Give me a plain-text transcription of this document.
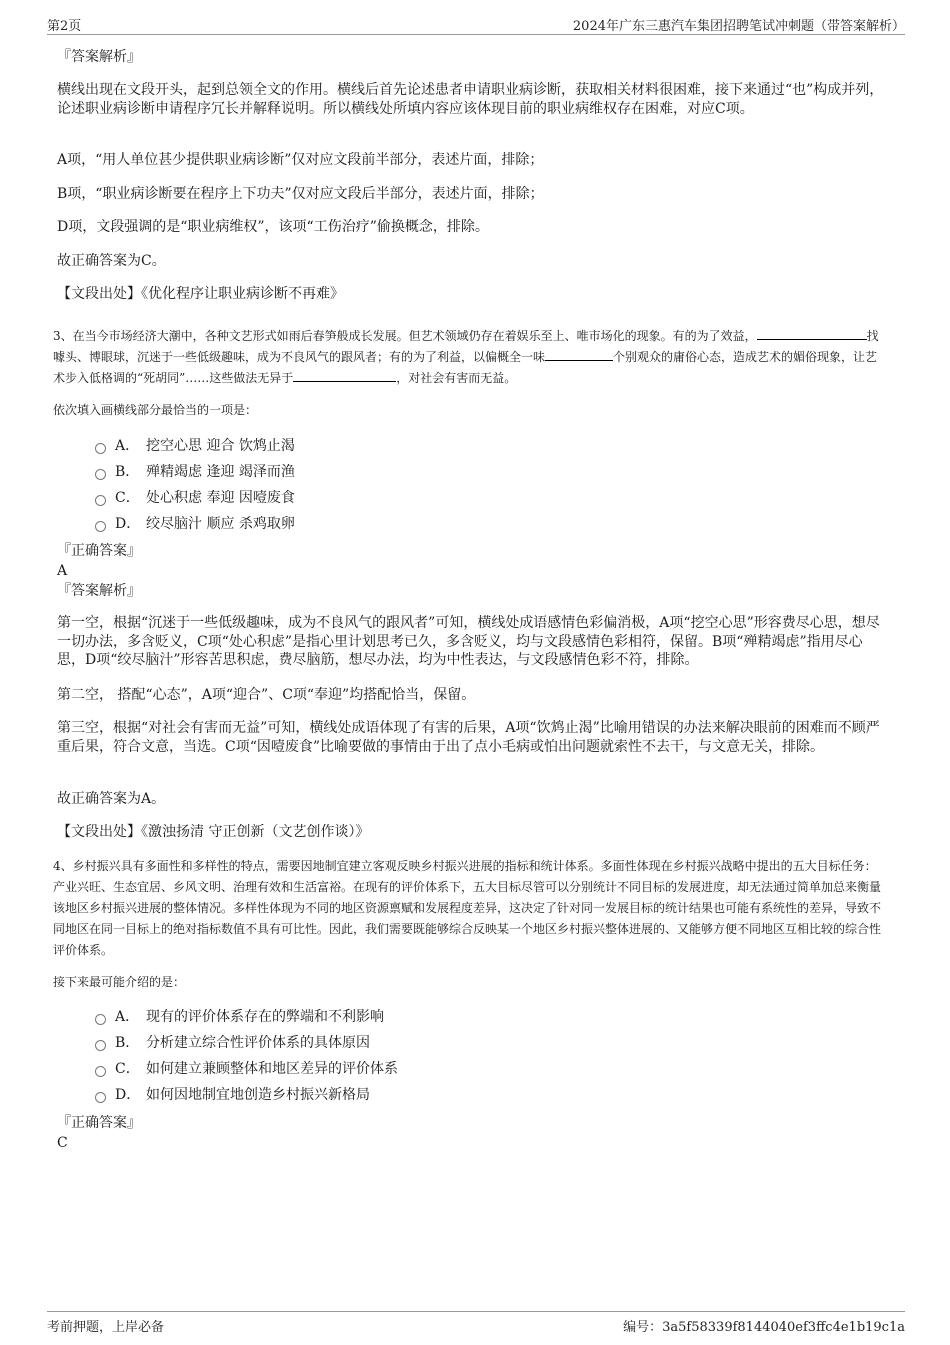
第2页	2024年广东三惠汽车集团招聘笔试冲刺题（带答案解析）

『答案解析』

横线出现在文段开头，起到总领全文的作用。横线后首先论述患者申请职业病诊断，获取相关材料很困难，接下来通过“也”构成并列，论述职业病诊断申请程序冗长并解释说明。所以横线处所填内容应该体现目前的职业病维权存在困难，对应C项。

A项，“用人单位甚少提供职业病诊断”仅对应文段前半部分，表述片面，排除；

B项，“职业病诊断要在程序上下功夫”仅对应文段后半部分，表述片面，排除；

D项，文段强调的是“职业病维权”，该项“工伤治疗”偷换概念，排除。

故正确答案为C。

【文段出处】《优化程序让职业病诊断不再难》

3、在当今市场经济大潮中，各种文艺形式如雨后春笋般成长发展。但艺术领域仍存在着娱乐至上、唯市场化的现象。有的为了效益，	找噱头、博眼球，沉迷于一些低级趣味，成为不良风气的跟风者；有的为了利益，以偏概全一味	个别观众的庸俗心态，造成艺术的媚俗现象，让艺术步入低格调的“死胡同”……这些做法无异于	，对社会有害而无益。

依次填入画横线部分最恰当的一项是：

A． 挖空心思 迎合 饮鸩止渴
B． 殚精竭虑 逢迎 竭泽而渔
C． 处心积虑 奉迎 因噎废食
D． 绞尽脑汁 顺应 杀鸡取卵

『正确答案』

A

『答案解析』

第一空，根据“沉迷于一些低级趣味，成为不良风气的跟风者”可知，横线处成语感情色彩偏消极，A项“挖空心思”形容费尽心思，想尽一切办法，多含贬义，C项“处心积虑”是指心里计划思考已久，多含贬义，均与文段感情色彩相符，保留。B项“殚精竭虑”指用尽心思，D项“绞尽脑汁”形容苦思积虑，费尽脑筋，想尽办法，均为中性表达，与文段感情色彩不符，排除。

第二空， 搭配“心态”，A项“迎合”、C项“奉迎”均搭配恰当，保留。

第三空，根据“对社会有害而无益”可知，横线处成语体现了有害的后果，A项“饮鸩止渴”比喻用错误的办法来解决眼前的困难而不顾严重后果，符合文意，当选。C项“因噎废食”比喻要做的事情由于出了点小毛病或怕出问题就索性不去干，与文意无关，排除。

故正确答案为A。

【文段出处】《激浊扬清 守正创新（文艺创作谈）》

4、乡村振兴具有多面性和多样性的特点，需要因地制宜建立客观反映乡村振兴进展的指标和统计体系。多面性体现在乡村振兴战略中提出的五大目标任务：产业兴旺、生态宜居、乡风文明、治理有效和生活富裕。在现有的评价体系下，五大目标尽管可以分别统计不同目标的发展进度，却无法通过简单加总来衡量该地区乡村振兴进展的整体情况。多样性体现为不同的地区资源禀赋和发展程度差异，这决定了针对同一发展目标的统计结果也可能有系统性的差异，导致不同地区在同一目标上的绝对指标数值不具有可比性。因此，我们需要既能够综合反映某一个地区乡村振兴整体进展的、又能够方便不同地区互相比较的综合性评价体系。

接下来最可能介绍的是：

A． 现有的评价体系存在的弊端和不利影响
B． 分析建立综合性评价体系的具体原因
C． 如何建立兼顾整体和地区差异的评价体系
D． 如何因地制宜地创造乡村振兴新格局

『正确答案』

C

考前押题，上岸必备	编号：3a5f58339f8144040ef3ffc4e1b19c1a
